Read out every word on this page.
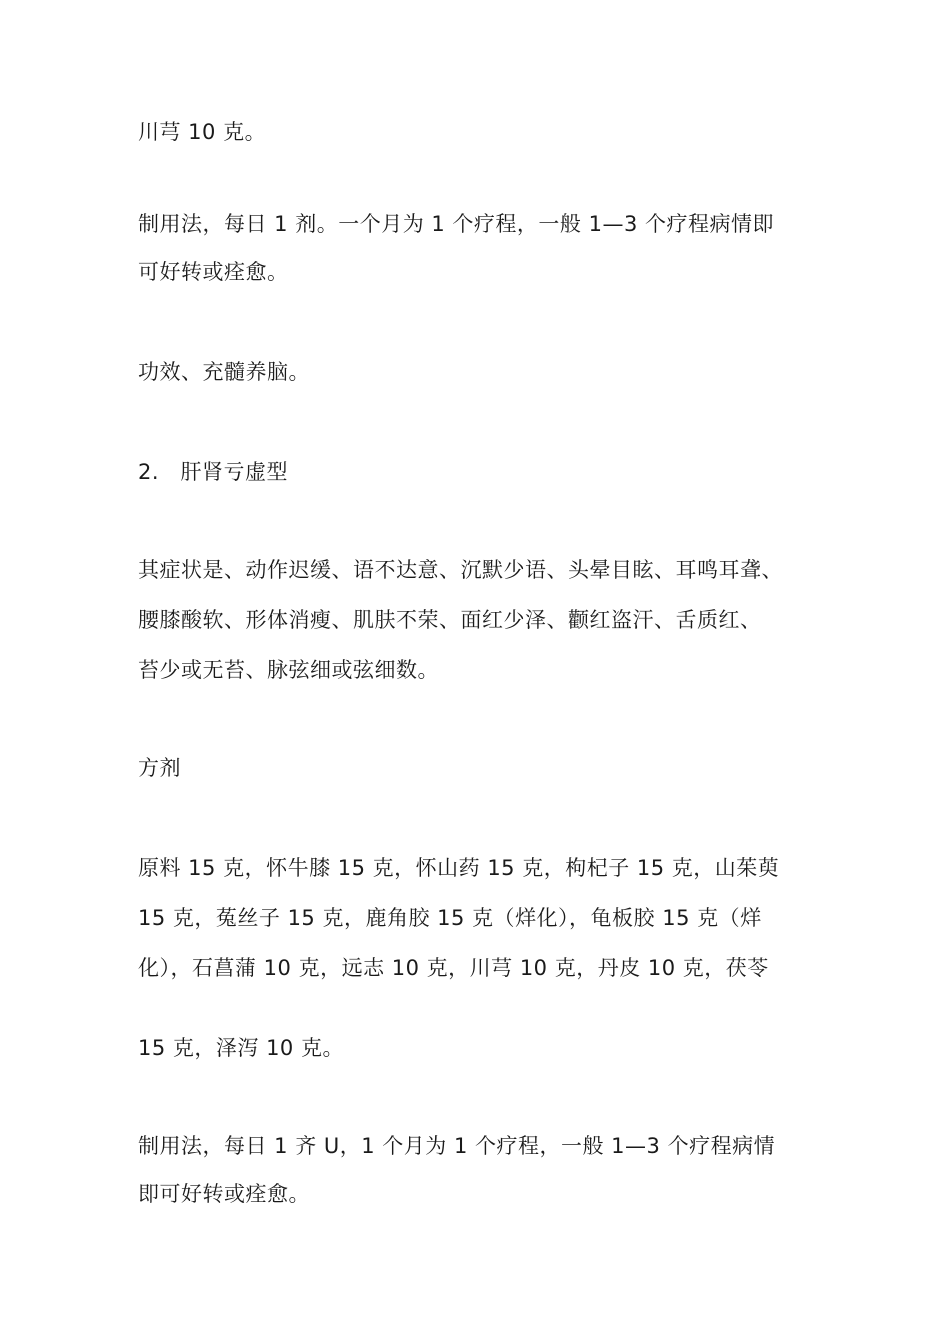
川芎 10 克。
制用法，每日 1 剂。一个月为 1 个疗程，一般 1—3 个疗程病情即
可好转或痊愈。
功效、充髓养脑。
2.　肝肾亏虚型
其症状是、动作迟缓、语不达意、沉默少语、头晕目眩、耳鸣耳聋、
腰膝酸软、形体消瘦、肌肤不荣、面红少泽、颧红盗汗、舌质红、
苔少或无苔、脉弦细或弦细数。
方剂
原料 15 克，怀牛膝 15 克，怀山药 15 克，枸杞子 15 克，山茱萸
15 克，菟丝子 15 克，鹿角胶 15 克（烊化），龟板胶 15 克（烊
化），石菖蒲 10 克，远志 10 克，川芎 10 克，丹皮 10 克，茯苓
15 克，泽泻 10 克。
制用法，每日 1 齐 U，1 个月为 1 个疗程，一般 1—3 个疗程病情
即可好转或痊愈。
